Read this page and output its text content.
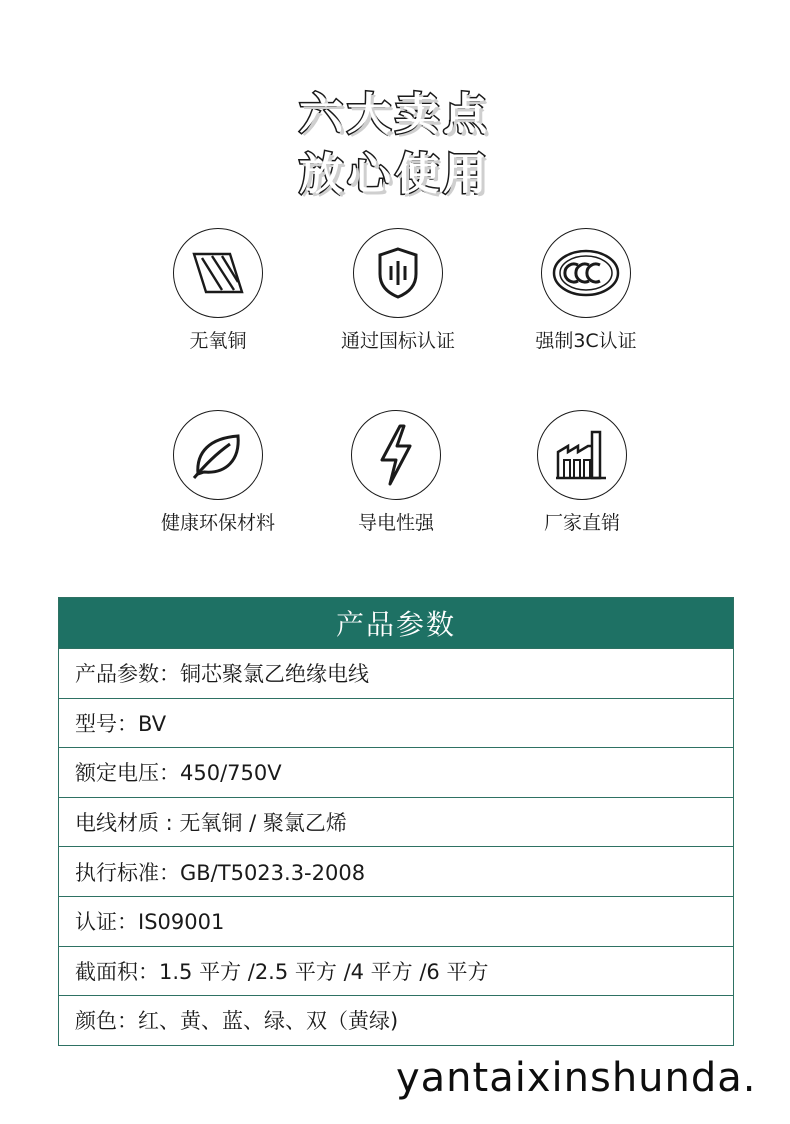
六大卖点
放心使用
无氧铜	通过国标认证	强制3C认证
健康环保材料	导电性强	厂家直销
产品参数
产品参数：铜芯聚氯乙绝缘电线
型号：BV
额定电压：450/750V
电线材质 : 无氧铜 / 聚氯乙烯
执行标准：GB/T5023.3-2008
认证：IS09001
截面积：1.5 平方 /2.5 平方 /4 平方 /6 平方
颜色：红、黄、蓝、绿、双（黄绿)
yantaixinshunda.
